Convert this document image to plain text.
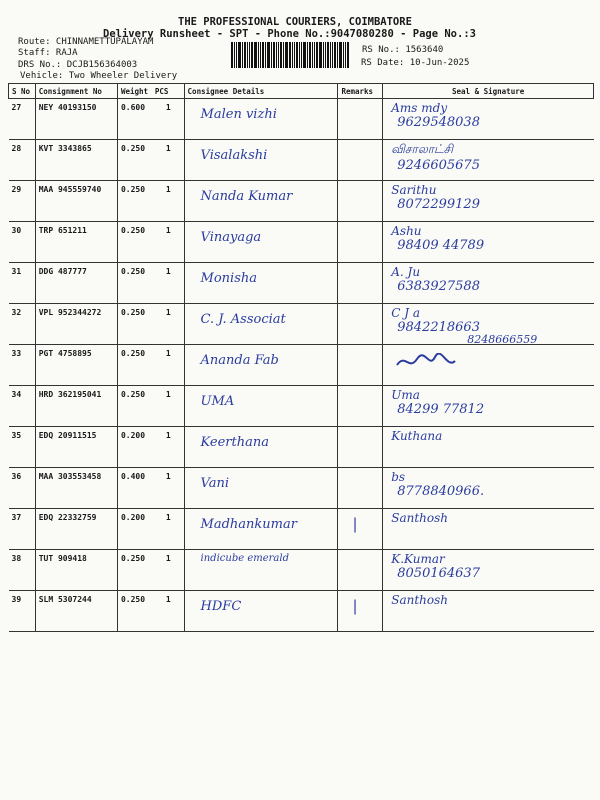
THE PROFESSIONAL COURIERS, COIMBATORE
Delivery Runsheet - SPT - Phone No.:9047080280 - Page No.:3
Route: CHINNAMETTUPALAYAM
Staff: RAJA
DRS No.: DCJB156364003
Vehicle: Two Wheeler Delivery
RS No.: 1563640
RS Date: 10-Jun-2025
S No	Consignment No	Weight	PCS	Consignee Details	Remarks	Seal & Signature
27	NEY 40193150	0.600	1	Malen vizhi		Ams mdy
9629548038

28	KVT 3343865	0.250	1	Visalakshi		விசாலாட்சி
9246605675

29	MAA 945559740	0.250	1	Nanda Kumar		Sarithu
8072299129

30	TRP 651211	0.250	1	Vinayaga		Ashu
98409 44789

31	DDG 487777	0.250	1	Monisha		A. Ju
6383927588

32	VPL 952344272	0.250	1	C. J. Associat		C J a
9842218663

33	PGT 4758895	0.250	1	Ananda Fab		8248666559

34	HRD 362195041	0.250	1	UMA		Uma
84299 77812

35	EDQ 20911515	0.200	1	Keerthana		Kuthana

36	MAA 303553458	0.400	1	Vani		bs
8778840966.

37	EDQ 22332759	0.200	1	Madhankumar	|	Santhosh

38	TUT 909418	0.250	1	indicube emerald		K.Kumar
8050164637

39	SLM 5307244	0.250	1	HDFC	|	Santhosh
